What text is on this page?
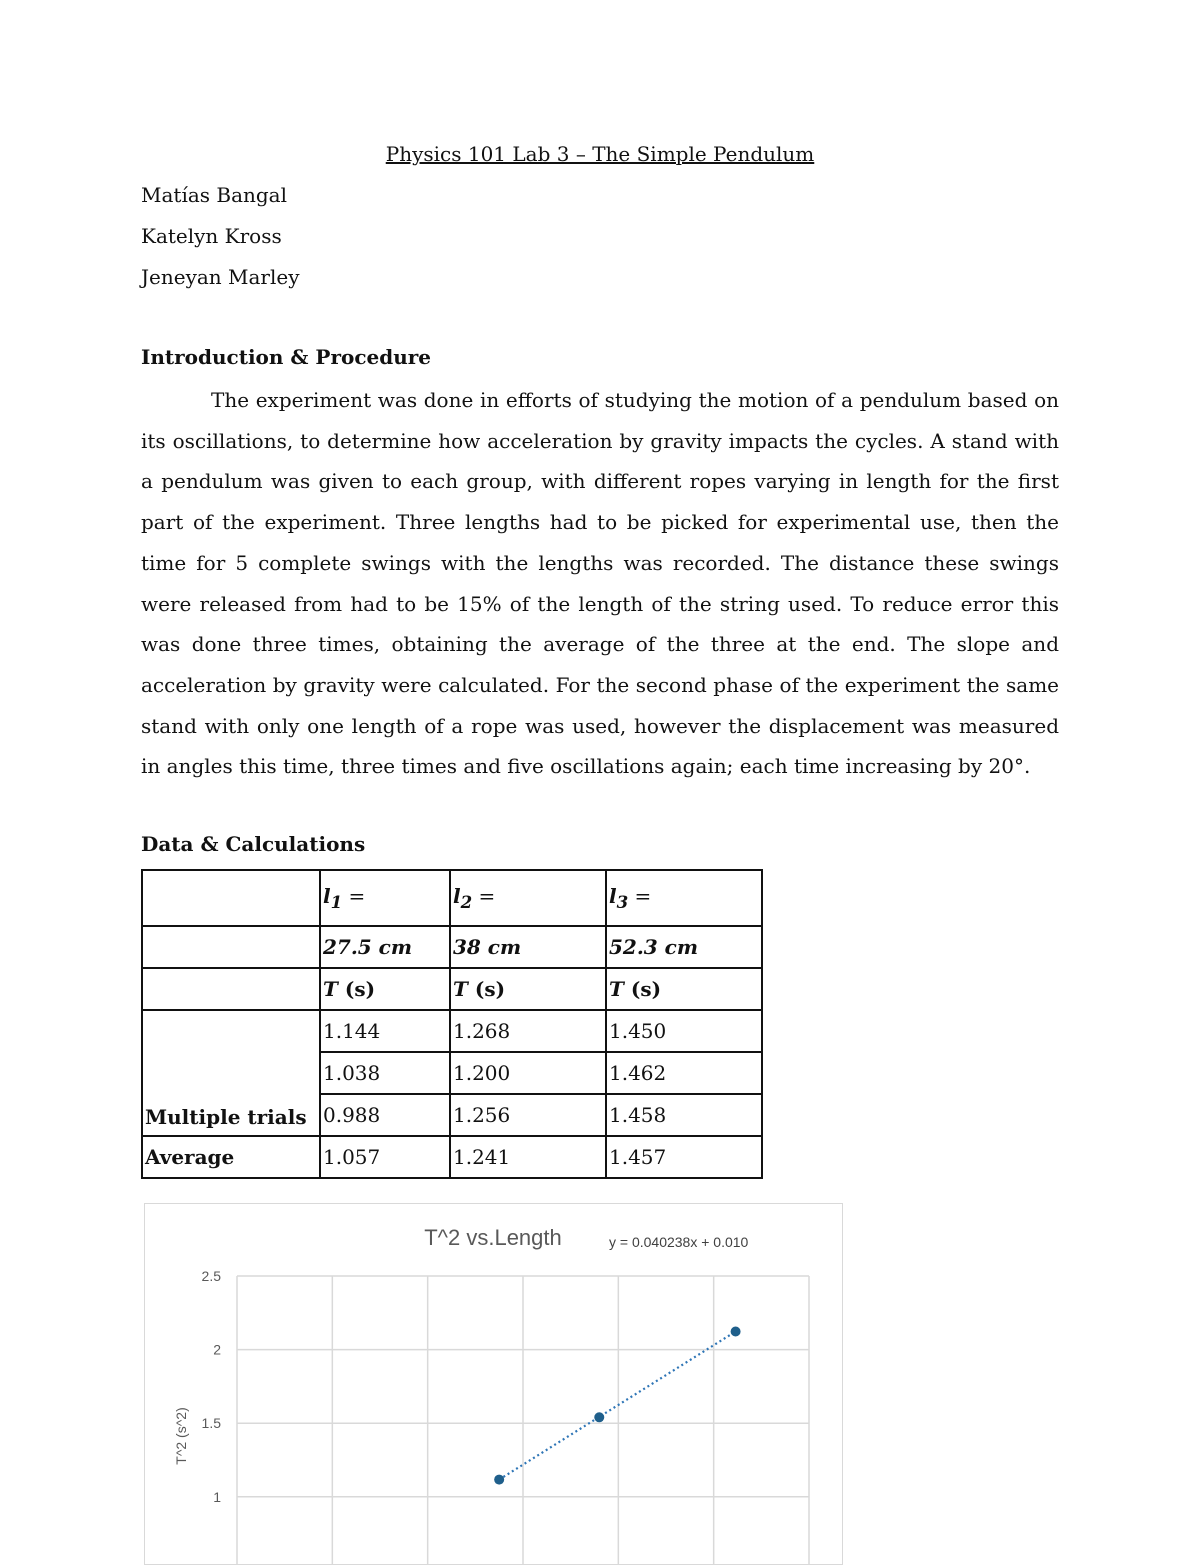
Physics 101 Lab 3 – The Simple Pendulum
Matías Bangal
Katelyn Kross
Jeneyan Marley
Introduction & Procedure
The experiment was done in efforts of studying the motion of a pendulum based on its oscillations, to determine how acceleration by gravity impacts the cycles. A stand with a pendulum was given to each group, with different ropes varying in length for the first part of the experiment. Three lengths had to be picked for experimental use, then the time for 5 complete swings with the lengths was recorded. The distance these swings were released from had to be 15% of the length of the string used. To reduce error this was done three times, obtaining the average of the three at the end. The slope and acceleration by gravity were calculated. For the second phase of the experiment the same stand with only one length of a rope was used, however the displacement was measured in angles this time, three times and five oscillations again; each time increasing by 20°.
Data & Calculations
	$l_1$ =	$l_2$ =	$l_3$ =
	27.5 cm	38 cm	52.3 cm
	T (s)	T (s)	T (s)
Multiple trials	1.144	1.268	1.450
	1.038	1.200	1.462
	0.988	1.256	1.458
Average	1.057	1.241	1.457
T^2 vs.Length	y = 0.040238x + 0.010
1
1.5
2
2.5
T^2 (s^2)
